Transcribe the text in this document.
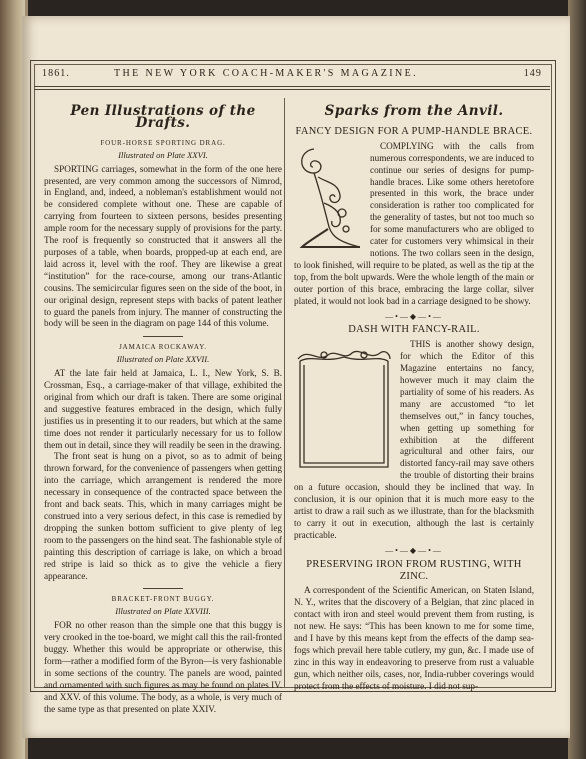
1861.	THE NEW YORK COACH-MAKER'S MAGAZINE.	149
Pen Illustrations of the Drafts.
FOUR-HORSE SPORTING DRAG.
Illustrated on Plate XXVI.

SPORTING carriages, somewhat in the form of the one here presented, are very common among the successors of Nimrod, in England, and, indeed, a nobleman's establishment would not be considered complete without one. These are capable of carrying from fourteen to sixteen persons, besides presenting ample room for the necessary supply of provisions for the party. The roof is frequently so constructed that it answers all the purposes of a table, when boards, propped-up at each end, are laid across it, level with the roof. They are likewise a great “institution” for the race-course, among our trans-Atlantic cousins. The semicircular figures seen on the side of the boot, in our original design, represent steps with backs of patent leather to guard the panels from injury. The manner of constructing the body will be seen in the diagram on page 144 of this volume.

JAMAICA ROCKAWAY.
Illustrated on Plate XXVII.

AT the late fair held at Jamaica, L. I., New York, S. B. Crossman, Esq., a carriage-maker of that village, exhibited the original from which our draft is taken. There are some original and suggestive features embraced in the design, which fully justifies us in presenting it to our readers, but which at the same time does not render it particularly necessary for us to follow them out in detail, since they will readily be seen in the drawing.

The front seat is hung on a pivot, so as to admit of being thrown forward, for the convenience of passengers when getting into the carriage, which arrangement is rendered the more necessary in consequence of the contracted space between the front and back seats. This, which in many carriages might be construed into a very serious defect, in this case is remedied by dropping the sunken bottom sufficient to give plenty of leg room to the passengers on the hind seat. The fashionable style of painting this description of carriage is lake, on which a broad red stripe is laid so thick as to give the vehicle a fiery appearance.

BRACKET-FRONT BUGGY.
Illustrated on Plate XXVIII.

FOR no other reason than the simple one that this buggy is very crooked in the toe-board, we might call this the rail-fronted buggy. Whether this would be appropriate or otherwise, this form—rather a modified form of the Byron—is very fashionable in some sections of the country. The panels are wood, painted and ornamented with such figures as may be found on plates IV. and XXV. of this volume. The body, as a whole, is very much of the same type as that presented on plate XXIV.

Sparks from the Anvil.
FANCY DESIGN FOR A PUMP-HANDLE BRACE.

COMPLYING with the calls from numerous correspondents, we are induced to continue our series of designs for pump-handle braces. Like some others heretofore presented in this work, the brace under consideration is rather too complicated for the generality of tastes, but not too much so for some manufacturers who are obliged to cater for customers very whimsical in their notions. The two collars seen in the design, to look finished, will require to be plated, as well as the tip at the top, from the bolt upwards. Were the whole length of the main or outer portion of this brace, embracing the large collar, silver plated, it would not look bad in a carriage designed to be showy.

—•—◆—•—
DASH WITH FANCY-RAIL.

THIS is another showy design, for which the Editor of this Magazine entertains no fancy, however much it may claim the partiality of some of his readers. As many are accustomed “to let themselves out,” in fancy touches, when getting up something for exhibition at the different agricultural and other fairs, our distorted fancy-rail may save others the trouble of distorting their brains on a future occasion, should they be inclined that way. In conclusion, it is our opinion that it is much more easy to the artist to draw a rail such as we illustrate, than for the blacksmith to carry it out in execution, although the last is certainly practicable.

—•—◆—•—
PRESERVING IRON FROM RUSTING, WITH ZINC.

A correspondent of the Scientific American, on Staten Island, N. Y., writes that the discovery of a Belgian, that zinc placed in contact with iron and steel would prevent them from rusting, is not new. He says: “This has been known to me for some time, and I have by this means kept from the effects of the damp sea-fogs which prevail here table cutlery, my gun, &c. I made use of zinc in this way in endeavoring to preserve from rust a valuable gun, which neither oils, cases, nor, India-rubber coverings would protect from the effects of moisture. I did not sup-
